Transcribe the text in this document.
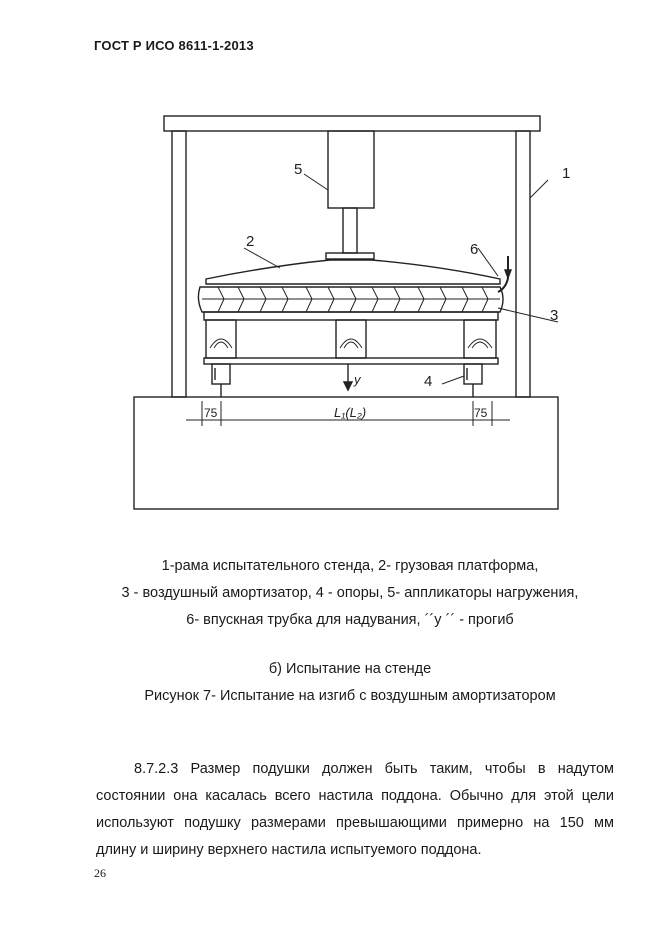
ГОСТ Р ИСО 8611-1-2013
5
2
1
6
3
4
y
75	75
L₁(L₂)
1-рама испытательного стенда, 2- грузовая платформа,
3 - воздушный амортизатор, 4 - опоры, 5- аппликаторы нагружения,
6- впускная трубка для надувания, ´´у ´´ - прогиб
б) Испытание на стенде
Рисунок 7- Испытание на изгиб с воздушным амортизатором
8.7.2.3 Размер подушки должен быть таким, чтобы в надутом
состоянии она касалась всего настила поддона. Обычно для этой цели
используют подушку размерами превышающими примерно на 150 мм
длину и ширину верхнего настила испытуемого поддона.
26
